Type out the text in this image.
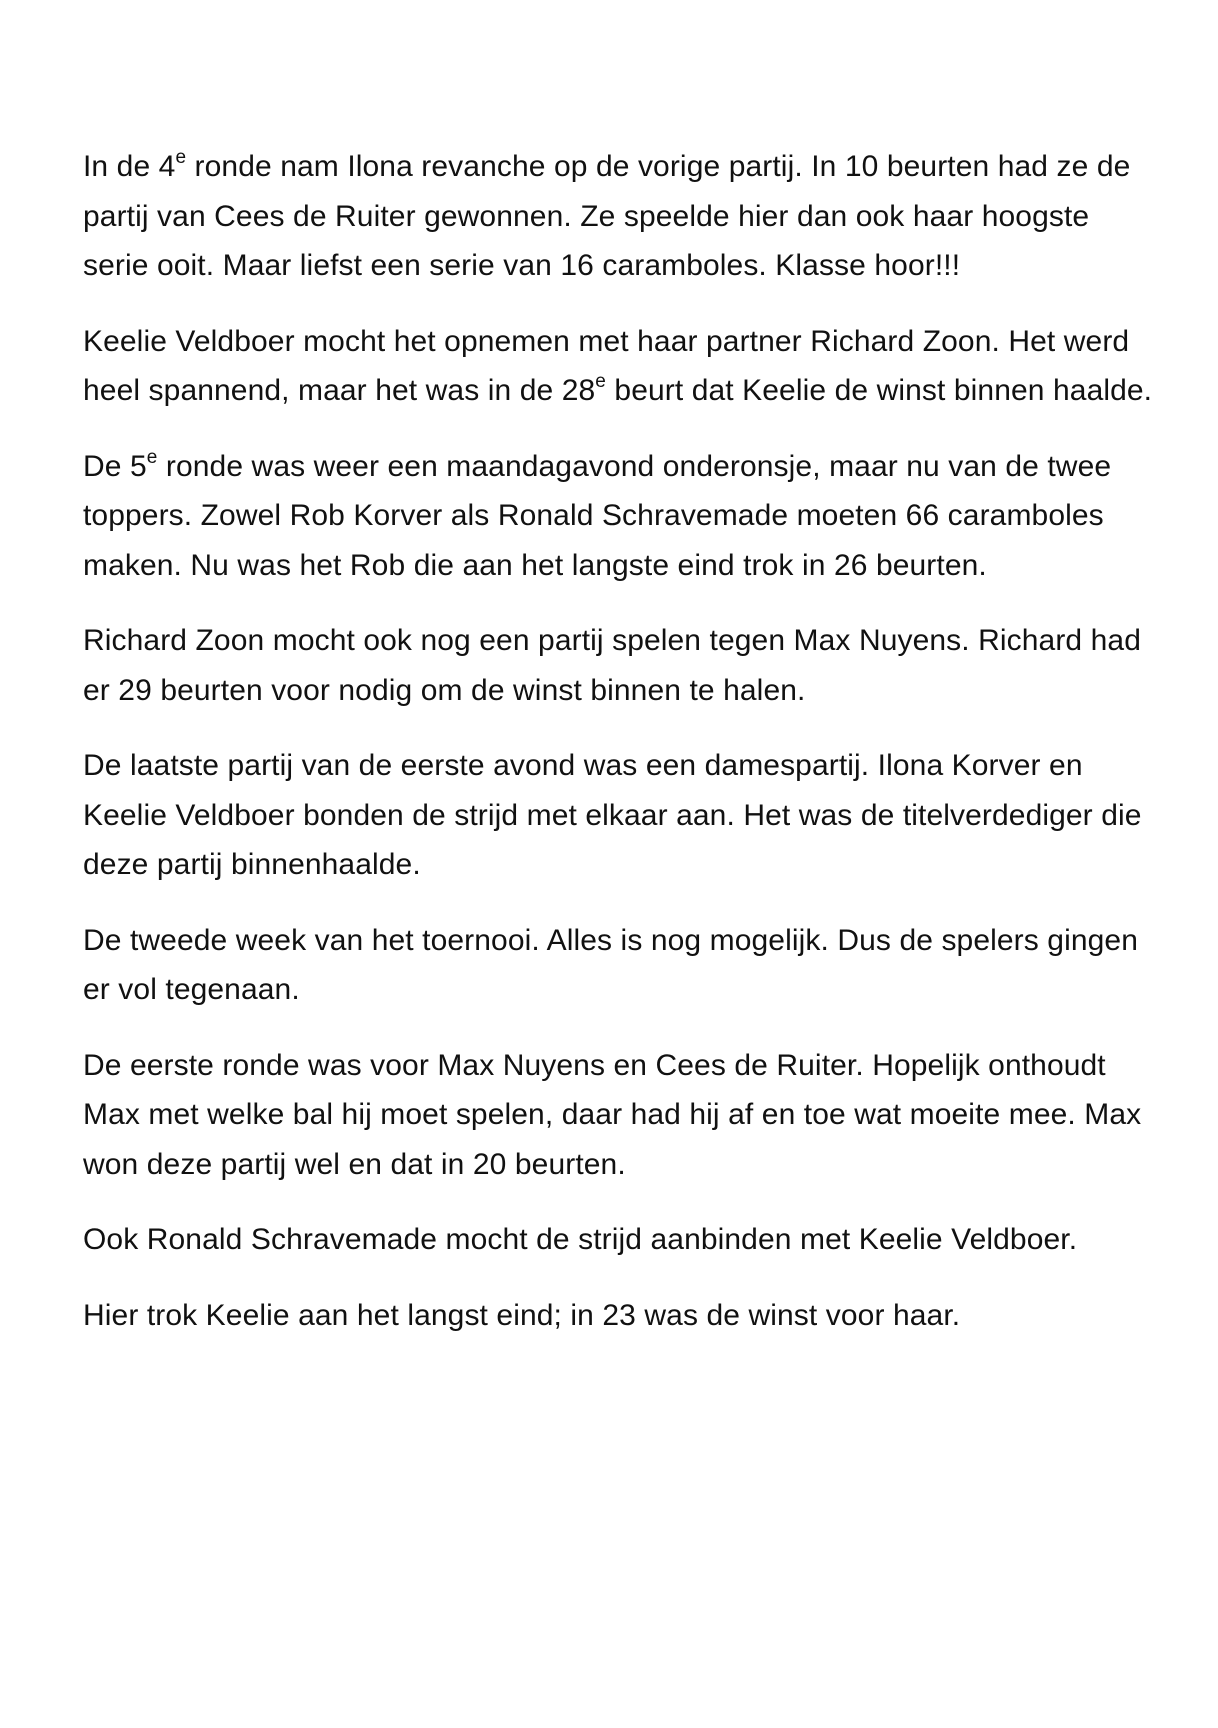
In de 4e ronde nam Ilona revanche op de vorige partij. In 10 beurten had ze de partij van Cees de Ruiter gewonnen. Ze speelde hier dan ook haar hoogste serie ooit. Maar liefst een serie van 16 caramboles. Klasse hoor!!!

Keelie Veldboer mocht het opnemen met haar partner Richard Zoon. Het werd heel spannend, maar het was in de 28e beurt dat Keelie de winst binnen haalde.

De 5e ronde was weer een maandagavond onderonsje, maar nu van de twee toppers. Zowel Rob Korver als Ronald Schravemade moeten 66 caramboles maken. Nu was het Rob die aan het langste eind trok in 26 beurten.

Richard Zoon mocht ook nog een partij spelen tegen Max Nuyens. Richard had er 29 beurten voor nodig om de winst binnen te halen.

De laatste partij van de eerste avond was een damespartij. Ilona Korver en Keelie Veldboer bonden de strijd met elkaar aan. Het was de titelverdediger die deze partij binnenhaalde.

De tweede week van het toernooi. Alles is nog mogelijk. Dus de spelers gingen er vol tegenaan.

De eerste ronde was voor Max Nuyens en Cees de Ruiter. Hopelijk onthoudt Max met welke bal hij moet spelen, daar had hij af en toe wat moeite mee. Max won deze partij wel en dat in 20 beurten.

Ook Ronald Schravemade mocht de strijd aanbinden met Keelie Veldboer.

Hier trok Keelie aan het langst eind; in 23 was de winst voor haar.
